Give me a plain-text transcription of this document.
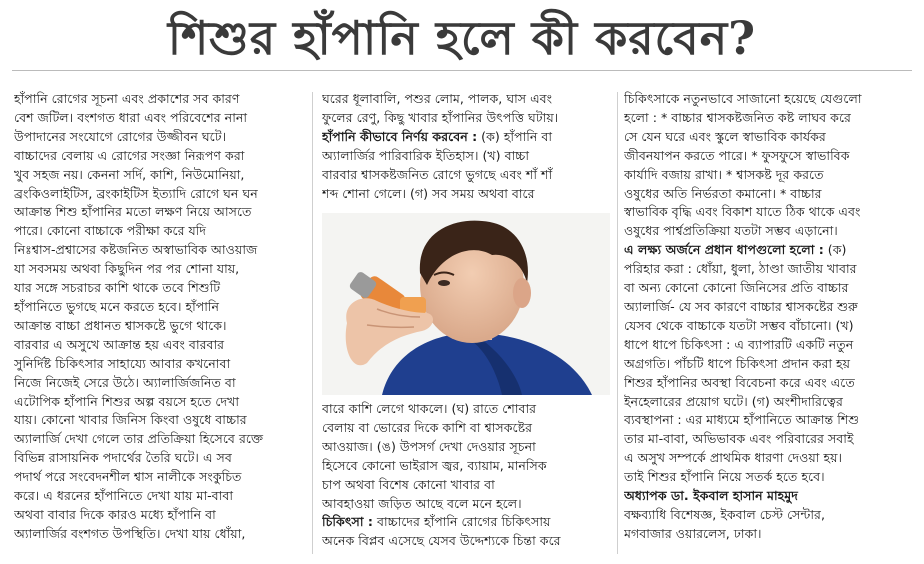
শিশুর হাঁপানি হলে কী করবেন?

হাঁপানি রোগের সূচনা এবং প্রকাশের সব কারণ

বেশ জটিল। বংশগত ধারা এবং পরিবেশের নানা

উপাদানের সংযোগে রোগের উজ্জীবন ঘটে।

বাচ্চাদের বেলায় এ রোগের সংজ্ঞা নিরূপণ করা

খুব সহজ নয়। কেননা সর্দি, কাশি, নিউমোনিয়া,

ব্রংকিওলাইটিস, ব্রংকাইটিস ইত্যাদি রোগে ঘন ঘন

আক্রান্ত শিশু হাঁপানির মতো লক্ষণ নিয়ে আসতে

পারে। কোনো বাচ্চাকে পরীক্ষা করে যদি

নিঃশ্বাস-প্রশ্বাসের কষ্টজনিত অস্বাভাবিক আওয়াজ

যা সবসময় অথবা কিছুদিন পর পর শোনা যায়,

যার সঙ্গে সচরাচর কাশি থাকে তবে শিশুটি

হাঁপানিতে ভুগছে মনে করতে হবে। হাঁপানি

আক্রান্ত বাচ্চা প্রধানত শ্বাসকষ্টে ভুগে থাকে।

বারবার এ অসুখে আক্রান্ত হয় এবং বারবার

সুনির্দিষ্ট চিকিৎসার সাহায্যে আবার কখনোবা

নিজে নিজেই সেরে উঠে। অ্যালার্জিজনিত বা

এটোপিক হাঁপানি শিশুর অল্প বয়সে হতে দেখা

যায়। কোনো খাবার জিনিস কিংবা ওষুধে বাচ্চার

অ্যালার্জি দেখা গেলে তার প্রতিক্রিয়া হিসেবে রক্তে

বিভিন্ন রাসায়নিক পদার্থের তৈরি ঘটে। এ সব

পদার্থ পরে সংবেদনশীল শ্বাস নালীকে সংকুচিত

করে। এ ধরনের হাঁপানিতে দেখা যায় মা-বাবা

অথবা বাবার দিকে কারও মধ্যে হাঁপানি বা

অ্যালার্জির বংশগত উপস্থিতি। দেখা যায় ধোঁয়া,

ঘরের ধূলাবালি, পশুর লোম, পালক, ঘাস এবং

ফুলের রেণু, কিছু খাবার হাঁপানির উৎপত্তি ঘটায়।

হাঁপানি কীভাবে নির্ণয় করবেন : (ক) হাঁপানি বা

অ্যালার্জির পারিবারিক ইতিহাস। (খ) বাচ্চা

বারবার শ্বাসকষ্টজনিত রোগে ভুগছে এবং শাঁ শাঁ

শব্দ শোনা গেলে। (গ) সব সময় অথবা বারে

বারে কাশি লেগে থাকলে। (ঘ) রাতে শোবার

বেলায় বা ভোরের দিকে কাশি বা শ্বাসকষ্টের

আওয়াজ। (ঙ) উপসর্গ দেখা দেওয়ার সূচনা

হিসেবে কোনো ভাইরাস জ্বর, ব্যায়াম, মানসিক

চাপ অথবা বিশেষ কোনো খাবার বা

আবহাওয়া জড়িত আছে বলে মনে হলে।

চিকিৎসা : বাচ্চাদের হাঁপানি রোগের চিকিৎসায়

অনেক বিপ্লব এসেছে যেসব উদ্দেশ্যকে চিন্তা করে

চিকিৎসাকে নতুনভাবে সাজানো হয়েছে যেগুলো

হলো : * বাচ্চার শ্বাসকষ্টজনিত কষ্ট লাঘব করে

সে যেন ঘরে এবং স্কুলে স্বাভাবিক কার্যকর

জীবনযাপন করতে পারে। * ফুসফুসে স্বাভাবিক

কার্যাদি বজায় রাখা। * শ্বাসকষ্ট দূর করতে

ওষুধের অতি নির্ভরতা কমানো। * বাচ্চার

স্বাভাবিক বৃদ্ধি এবং বিকাশ যাতে ঠিক থাকে এবং

ওষুধের পার্শ্বপ্রতিক্রিয়া যতটা সম্ভব এড়ানো।

এ লক্ষ্য অর্জনে প্রধান ধাপগুলো হলো : (ক)

পরিহার করা : ধোঁয়া, ধুলা, ঠাণ্ডা জাতীয় খাবার

বা অন্য কোনো কোনো জিনিসের প্রতি বাচ্চার

অ্যালার্জি- যে সব কারণে বাচ্চার শ্বাসকষ্টের শুরু

যেসব থেকে বাচ্চাকে যতটা সম্ভব বাঁচানো। (খ)

ধাপে ধাপে চিকিৎসা : এ ব্যাপারটি একটি নতুন

অগ্রগতি। পাঁচটি ধাপে চিকিৎসা প্রদান করা হয়

শিশুর হাঁপানির অবস্থা বিবেচনা করে এবং এতে

ইনহেলারের প্রয়োগ ঘটে। (গ) অংশীদারিত্বের

ব্যবস্থাপনা : এর মাধ্যমে হাঁপানিতে আক্রান্ত শিশু

তার মা-বাবা, অভিভাবক এবং পরিবারের সবাই

এ অসুখ সম্পর্কে প্রাথমিক ধারণা দেওয়া হয়।

তাই শিশুর হাঁপানি নিয়ে সতর্ক হতে হবে।

অধ্যাপক ডা. ইকবাল হাসান মাহমুদ

বক্ষব্যাধি বিশেষজ্ঞ, ইকবাল চেস্ট সেন্টার,

মগবাজার ওয়ারলেস, ঢাকা।
